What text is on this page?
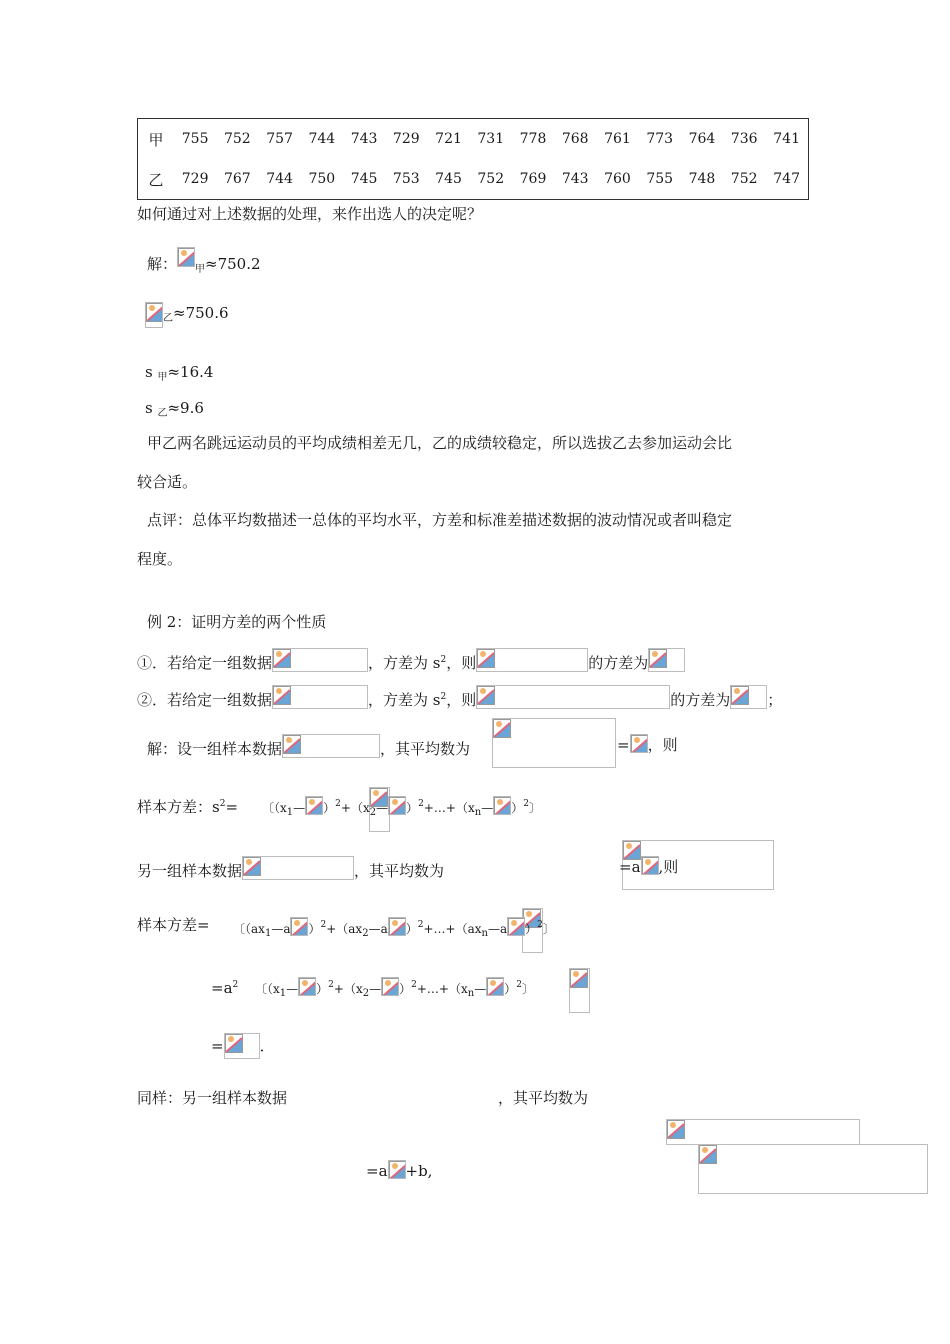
甲	755	752	757	744	743	729	721	731	778	768	761	773	764	736	741
乙	729	767	744	750	745	753	745	752	769	743	760	755	748	752	747
如何通过对上述数据的处理，来作出选人的决定呢？
解： $_甲$≈750.2
$_乙$≈750.6
s $_甲$≈16.4
s $_乙$≈9.6
甲乙两名跳远运动员的平均成绩相差无几，乙的成绩较稳定，所以选拔乙去参加运动会比
较合适。
点评：总体平均数描述一总体的平均水平，方差和标准差描述数据的波动情况或者叫稳定
程度。
例 2：证明方差的两个性质
①．若给定一组数据	，方差为 $s^2$，则	的方差为
②．若给定一组数据	，方差为 $s^2$，则	的方差为 ；
解：设一组样本数据	，其平均数为
	= ，则
样本方差：$s^2=$
〔（$x_1—$ ）$^2+(x_2—$ ）$^2+\dots+(x_n—$ ）$^2$〕
另一组样本数据	，其平均数为
	=a ,则
样本方差=
〔（$ax_1—a$ ）$^2+(ax_2—a$ ）$^2+\dots+(ax_n—a$ ）$^2$〕
$=a^2$
〔（$x_1—$ ）$^2+(x_2—$ ）$^2+\dots+(x_n—$ ）$^2$〕
= ．
同样：另一组样本数据
	，其平均数为
=a +b,
